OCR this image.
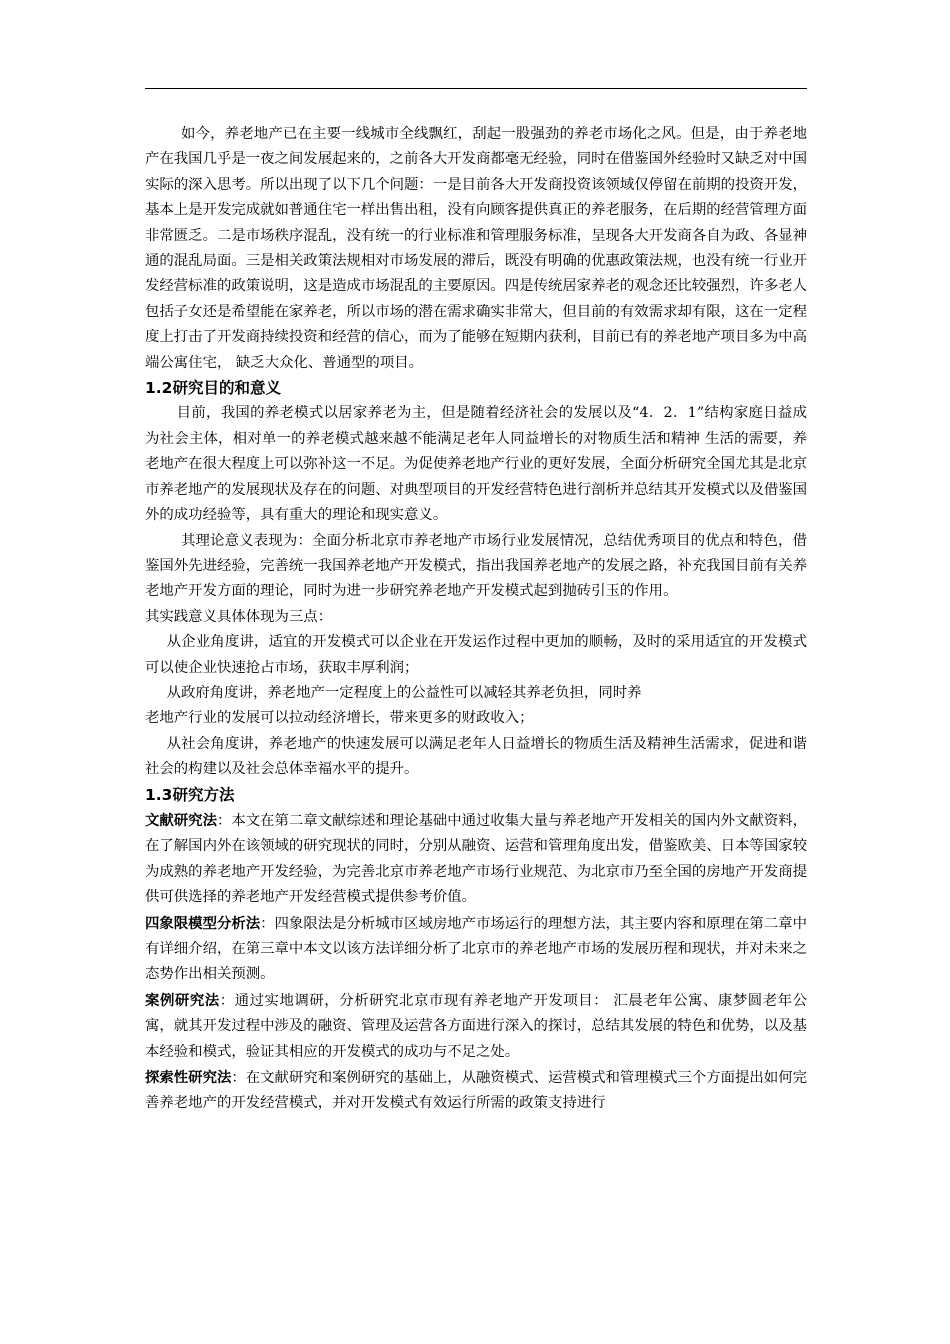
如今，养老地产已在主要一线城市全线飘红，刮起一股强劲的养老市场化之风。但是，由于养老地产在我国几乎是一夜之间发展起来的，之前各大开发商都毫无经验，同时在借鉴国外经验时又缺乏对中国实际的深入思考。所以出现了以下几个问题：一是目前各大开发商投资该领域仅停留在前期的投资开发，基本上是开发完成就如普通住宅一样出售出租，没有向顾客提供真正的养老服务，在后期的经营管理方面非常匮乏。二是市场秩序混乱，没有统一的行业标准和管理服务标准，呈现各大开发商各自为政、各显神通的混乱局面。三是相关政策法规相对市场发展的滞后，既没有明确的优惠政策法规，也没有统一行业开发经营标准的政策说明，这是造成市场混乱的主要原因。四是传统居家养老的观念还比较强烈，许多老人包括子女还是希望能在家养老，所以市场的潜在需求确实非常大，但目前的有效需求却有限，这在一定程度上打击了开发商持续投资和经营的信心，而为了能够在短期内获利，目前已有的养老地产项目多为中高端公寓住宅， 缺乏大众化、普通型的项目。

1.2研究目的和意义

目前，我国的养老模式以居家养老为主，但是随着经济社会的发展以及“4．2．1”结构家庭日益成为社会主体，相对单一的养老模式越来越不能满足老年人同益增长的对物质生活和精神 生活的需要，养老地产在很大程度上可以弥补这一不足。为促使养老地产行业的更好发展，全面分析研究全国尤其是北京市养老地产的发展现状及存在的问题、对典型项目的开发经营特色进行剖析并总结其开发模式以及借鉴国外的成功经验等，具有重大的理论和现实意义。

其理论意义表现为：全面分析北京市养老地产市场行业发展情况，总结优秀项目的优点和特色，借鉴国外先进经验，完善统一我国养老地产开发模式，指出我国养老地产的发展之路，补充我国目前有关养老地产开发方面的理论，同时为进一步研究养老地产开发模式起到抛砖引玉的作用。

其实践意义具体体现为三点：

从企业角度讲，适宜的开发模式可以企业在开发运作过程中更加的顺畅，及时的采用适宜的开发模式可以使企业快速抢占市场，获取丰厚利润；

从政府角度讲，养老地产一定程度上的公益性可以减轻其养老负担，同时养

老地产行业的发展可以拉动经济增长，带来更多的财政收入；

从社会角度讲，养老地产的快速发展可以满足老年人日益增长的物质生活及精神生活需求，促进和谐社会的构建以及社会总体幸福水平的提升。

1.3研究方法

文献研究法：本文在第二章文献综述和理论基础中通过收集大量与养老地产开发相关的国内外文献资料，在了解国内外在该领域的研究现状的同时，分别从融资、运营和管理角度出发，借鉴欧美、日本等国家较为成熟的养老地产开发经验，为完善北京市养老地产市场行业规范、为北京市乃至全国的房地产开发商提供可供选择的养老地产开发经营模式提供参考价值。

四象限模型分析法：四象限法是分析城市区域房地产市场运行的理想方法，其主要内容和原理在第二章中有详细介绍，在第三章中本文以该方法详细分析了北京市的养老地产市场的发展历程和现状，并对未来之态势作出相关预测。

案例研究法：通过实地调研，分析研究北京市现有养老地产开发项目： 汇晨老年公寓、康梦圆老年公寓，就其开发过程中涉及的融资、管理及运营各方面进行深入的探讨，总结其发展的特色和优势，以及基本经验和模式，验证其相应的开发模式的成功与不足之处。

探索性研究法：在文献研究和案例研究的基础上，从融资模式、运营模式和管理模式三个方面提出如何完善养老地产的开发经营模式，并对开发模式有效运行所需的政策支持进行
